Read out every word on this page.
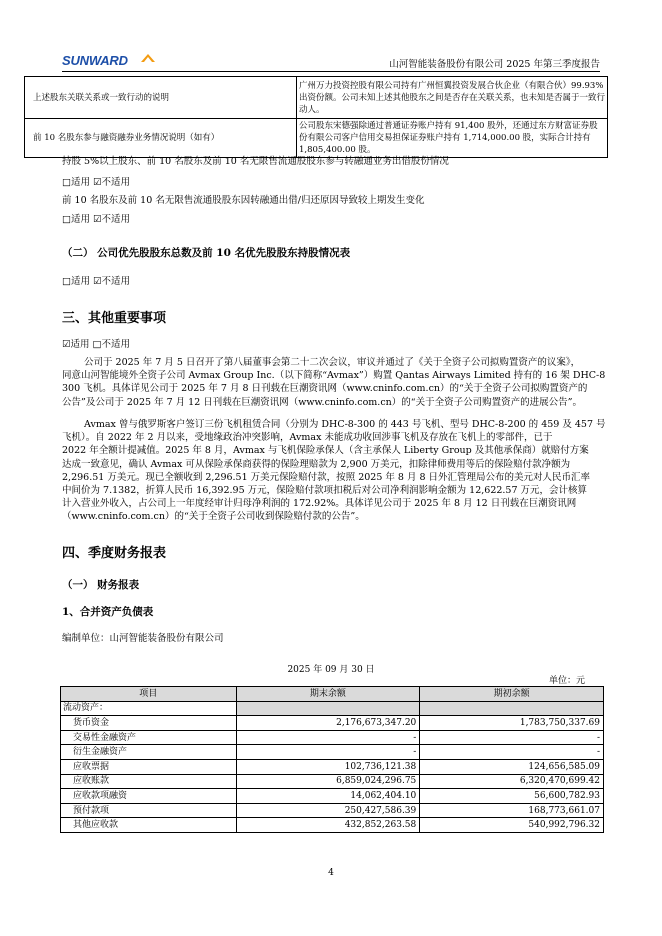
SUNWARD	山河智能装备股份有限公司 2025 年第三季度报告
上述股东关联关系或一致行动的说明	广州万力投资控股有限公司持有广州恒翼投资发展合伙企业（有限合伙）99.93%出资份额。公司未知上述其他股东之间是否存在关联关系，也未知是否属于一致行动人。
前 10 名股东参与融资融券业务情况说明（如有）	公司股东宋德强除通过普通证券账户持有 91,400 股外，还通过东方财富证券股份有限公司客户信用交易担保证券账户持有 1,714,000.00 股，实际合计持有 1,805,400.00 股。
持股 5%以上股东、前 10 名股东及前 10 名无限售流通股股东参与转融通业务出借股份情况
□适用 ☑不适用
前 10 名股东及前 10 名无限售流通股股东因转融通出借/归还原因导致较上期发生变化
□适用 ☑不适用
（二） 公司优先股股东总数及前 10 名优先股股东持股情况表
□适用 ☑不适用
三、其他重要事项
☑适用 □不适用

公司于 2025 年 7 月 5 日召开了第八届董事会第二十二次会议，审议并通过了《关于全资子公司拟购置资产的议案》，

同意山河智能境外全资子公司 Avmax Group Inc.（以下简称“Avmax”）购置 Qantas Airways Limited 持有的 16 架 DHC-8

300 飞机。具体详见公司于 2025 年 7 月 8 日刊载在巨潮资讯网（www.cninfo.com.cn）的“关于全资子公司拟购置资产的

公告”及公司于 2025 年 7 月 12 日刊载在巨潮资讯网（www.cninfo.com.cn）的“关于全资子公司购置资产的进展公告”。

Avmax 曾与俄罗斯客户签订三份飞机租赁合同（分别为 DHC-8-300 的 443 号飞机、型号 DHC-8-200 的 459 及 457 号

飞机）。自 2022 年 2 月以来，受地缘政治冲突影响，Avmax 未能成功收回涉事飞机及存放在飞机上的零部件，已于

2022 年全额计提减值。2025 年 8 月，Avmax 与飞机保险承保人（含主承保人 Liberty Group 及其他承保商）就赔付方案

达成一致意见，确认 Avmax 可从保险承保商获得的保险理赔款为 2,900 万美元，扣除律师费用等后的保险赔付款净额为

2,296.51 万美元。现已全额收到 2,296.51 万美元保险赔付款，按照 2025 年 8 月 8 日外汇管理局公布的美元对人民币汇率

中间价为 7.1382，折算人民币 16,392.95 万元，保险赔付款项扣税后对公司净利润影响金额为 12,622.57 万元，会计核算

计入营业外收入，占公司上一年度经审计归母净利润的 172.92%。具体详见公司于 2025 年 8 月 12 日刊载在巨潮资讯网

（www.cninfo.com.cn）的“关于全资子公司收到保险赔付款的公告”。

四、季度财务报表
（一） 财务报表
1、合并资产负债表
编制单位：山河智能装备股份有限公司
2025 年 09 月 30 日
单位：元
项目	期末余额	期初余额
流动资产：		
货币资金	2,176,673,347.20	1,783,750,337.69
交易性金融资产	-	-
衍生金融资产	-	-
应收票据	102,736,121.38	124,656,585.09
应收账款	6,859,024,296.75	6,320,470,699.42
应收款项融资	14,062,404.10	56,600,782.93
预付款项	250,427,586.39	168,773,661.07
其他应收款	432,852,263.58	540,992,796.32
4
